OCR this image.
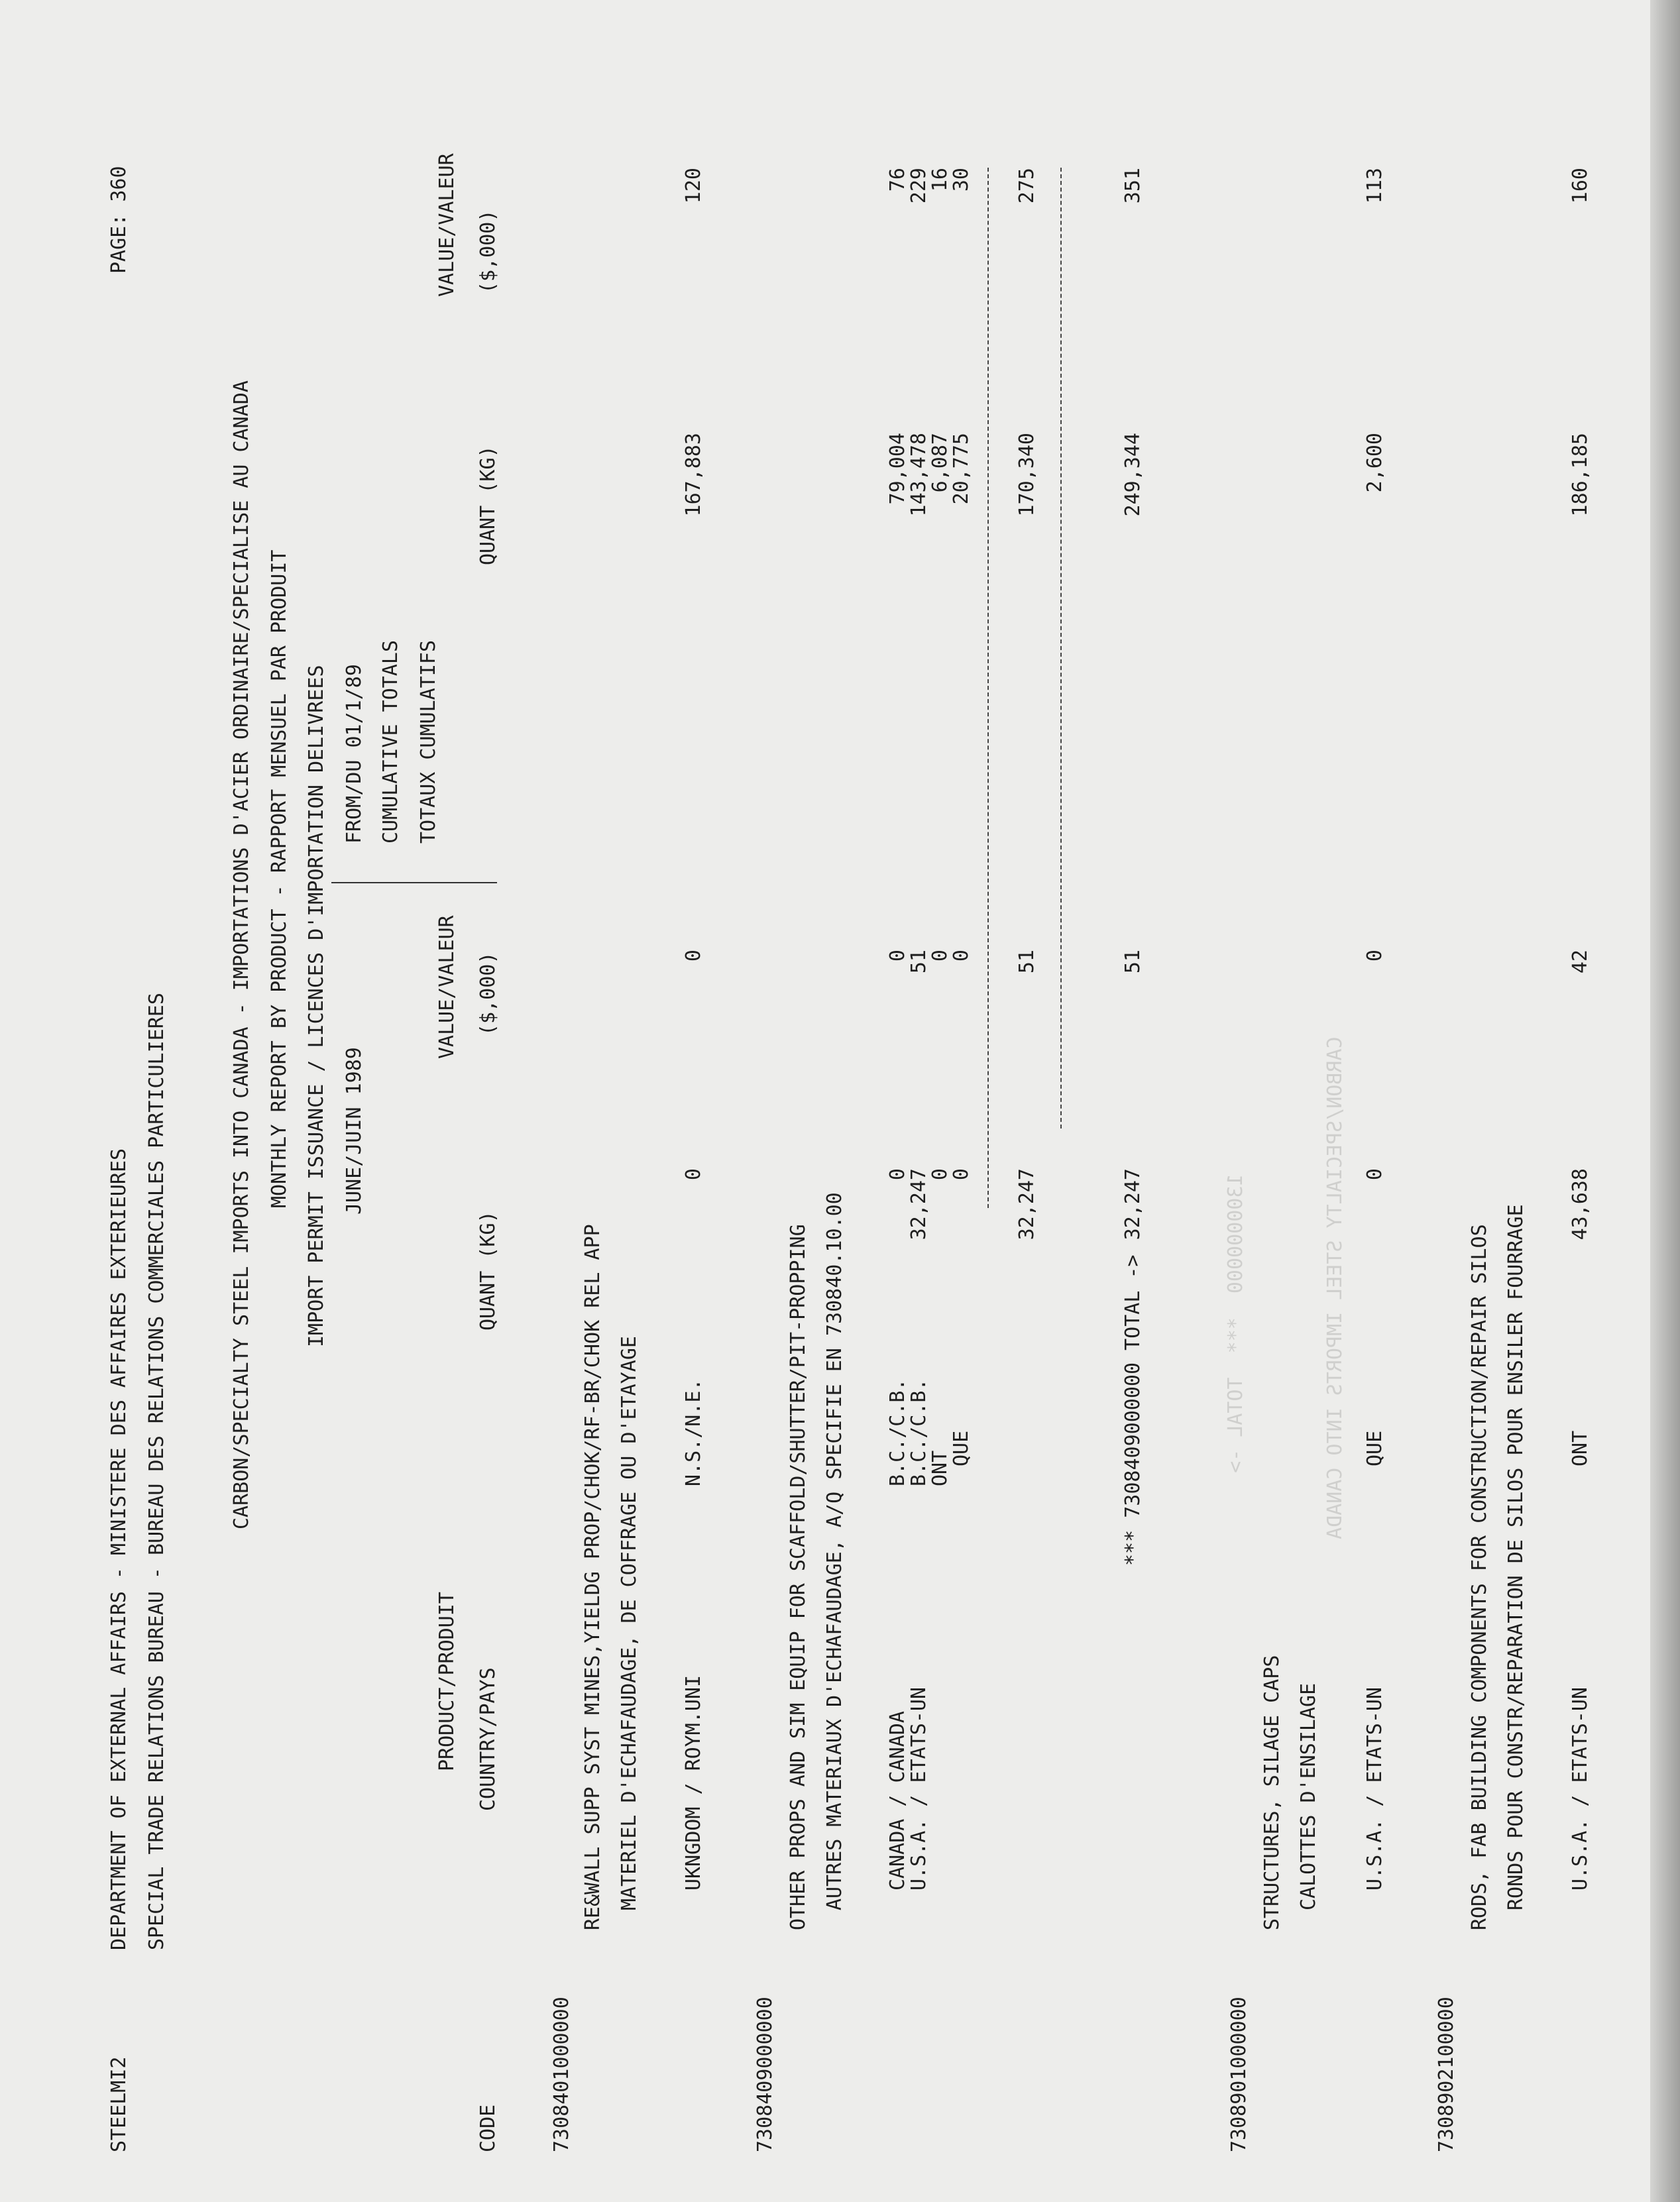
1300000000  ***  TOTAL ->	CARBON/SPECIALTY STEEL IMPORTS INTO CANADA
STEELMI2
DEPARTMENT OF EXTERNAL AFFAIRS - MINISTERE DES AFFAIRES EXTERIEURES SPECIAL TRADE RELATIONS BUREAU - BUREAU DES RELATIONS COMMERCIALES PARTICULIERES
PAGE: 360
CARBON/SPECIALTY STEEL IMPORTS INTO CANADA - IMPORTATIONS D'ACIER ORDINAIRE/SPECIALISE AU CANADA MONTHLY REPORT BY PRODUCT - RAPPORT MENSUEL PAR PRODUIT IMPORT PERMIT ISSUANCE / LICENCES D'IMPORTATION DELIVREES JUNE/JUIN 1989
FROM/DU 01/1/89 CUMULATIVE TOTALS TOTAUX CUMULATIFS
PRODUCT/PRODUIT
VALUE/VALEUR
VALUE/VALEUR
CODE
COUNTRY/PAYS
QUANT (KG)
($,000)
QUANT (KG)
($,000)
7308401000000
RE&WALL SUPP SYST MINES,YIELDG PROP/CHOK/RF-BR/CHOK REL APP MATERIEL D'ECHAFAUDAGE, DE COFFRAGE OU D'ETAYAGE UKNGDOM / ROYM.UNI
N.S./N.E.
0
0
167,883
120
7308409000000
OTHER PROPS AND SIM EQUIP FOR SCAFFOLD/SHUTTER/PIT-PROPPING AUTRES MATERIAUX D'ECHAFAUDAGE, A/Q SPECIFIE EN 730840.10.00 CANADA / CANADA
B.C./C.B.
0
0
79,004
76
U.S.A. / ETATS-UN
B.C./C.B.
32,247
51
143,478
229
ONT
0
0
6,087
16
QUE
0
0
20,775
30
32,247
51
170,340
275
*** 7308409000000 TOTAL ->
32,247
51
249,344
351
7308901000000
STRUCTURES, SILAGE CAPS CALOTTES D'ENSILAGE U.S.A. / ETATS-UN
QUE
0
0
2,600
113
7308902100000
RODS, FAB BUILDING COMPONENTS FOR CONSTRUCTION/REPAIR SILOS RONDS POUR CONSTR/REPARATION DE SILOS POUR ENSILER FOURRAGE U.S.A. / ETATS-UN
ONT
43,638
42
186,185
160
